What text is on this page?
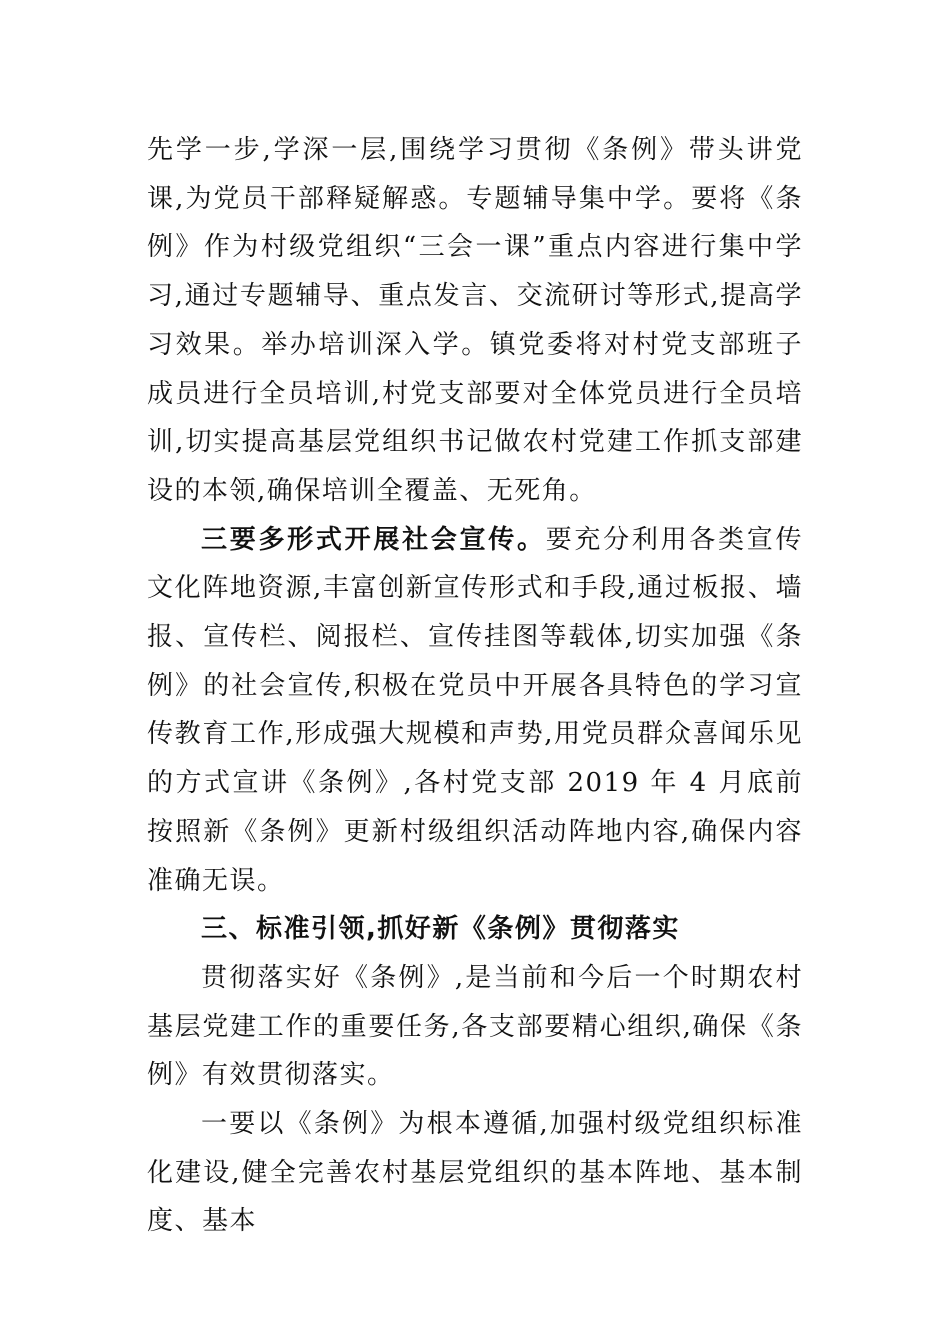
先学一步,学深一层,围绕学习贯彻《条例》带头讲党课,为党员干部释疑解惑。专题辅导集中学。要将《条例》作为村级党组织“三会一课”重点内容进行集中学习,通过专题辅导、重点发言、交流研讨等形式,提高学习效果。举办培训深入学。镇党委将对村党支部班子成员进行全员培训,村党支部要对全体党员进行全员培训,切实提高基层党组织书记做农村党建工作抓支部建设的本领,确保培训全覆盖、无死角。

三要多形式开展社会宣传。要充分利用各类宣传文化阵地资源,丰富创新宣传形式和手段,通过板报、墙报、宣传栏、阅报栏、宣传挂图等载体,切实加强《条例》的社会宣传,积极在党员中开展各具特色的学习宣传教育工作,形成强大规模和声势,用党员群众喜闻乐见的方式宣讲《条例》,各村党支部 2019 年 4 月底前按照新《条例》更新村级组织活动阵地内容,确保内容准确无误。

三、标准引领,抓好新《条例》贯彻落实

贯彻落实好《条例》,是当前和今后一个时期农村基层党建工作的重要任务,各支部要精心组织,确保《条例》有效贯彻落实。

一要以《条例》为根本遵循,加强村级党组织标准化建设,健全完善农村基层党组织的基本阵地、基本制度、基本
